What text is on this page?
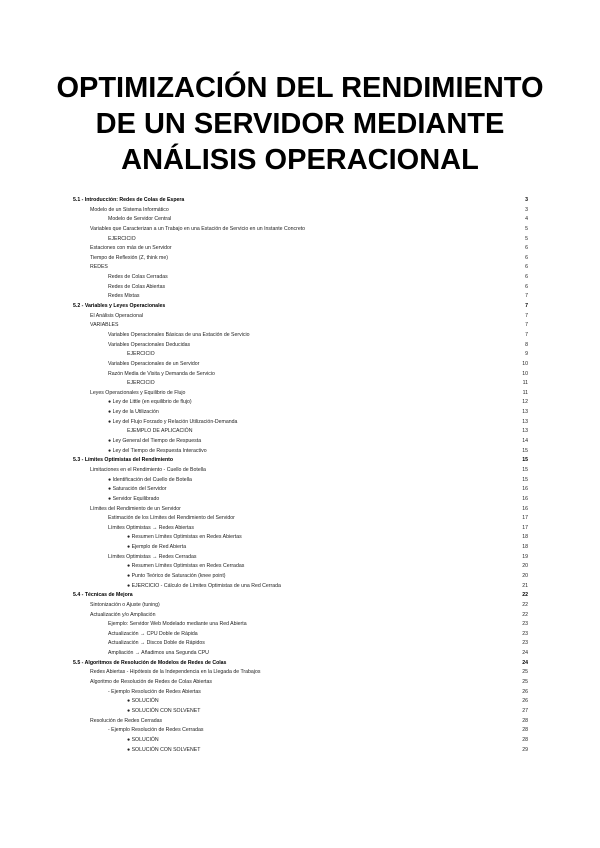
OPTIMIZACIÓN DEL RENDIMIENTO
DE UN SERVIDOR MEDIANTE
ANÁLISIS OPERACIONAL
5.1 - Introducción: Redes de Colas de Espera	3
Modelo de un Sistema Informático	3
Modelo de Servidor Central	4
Variables que Caracterizan a un Trabajo en una Estación de Servicio en un Instante Concreto	5
EJERCICIO	5
Estaciones con más de un Servidor	6
Tiempo de Reflexión (Z, think me)	6
REDES	6
Redes de Colas Cerradas	6
Redes de Colas Abiertas	6
Redes Mixtas	7
5.2 - Variables y Leyes Operacionales	7
El Análisis Operacional	7
VARIABLES	7
Variables Operacionales Básicas de una Estación de Servicio	7
Variables Operacionales Deducidas	8
EJERCICIO	9
Variables Operacionales de un Servidor	10
Razón Media de Visita y Demanda de Servicio	10
EJERCICIO	11
Leyes Operacionales y Equilibrio de Flujo	11
● Ley de Little (en equilibrio de flujo)	12
● Ley de la Utilización	13
● Ley del Flujo Forzado y Relación Utilización-Demanda	13
EJEMPLO DE APLICACIÓN	13
● Ley General del Tiempo de Respuesta	14
● Ley del Tiempo de Respuesta Interactivo	15
5.3 - Límites Optimistas del Rendimiento	15
Limitaciones en el Rendimiento - Cuello de Botella	15
● Identificación del Cuello de Botella	15
● Saturación del Servidor	16
● Servidor Equilibrado	16
Límites del Rendimiento de un Servidor	16
Estimación de los Límites del Rendimiento del Servidor	17
Límites Optimistas → Redes Abiertas	17
● Resumen Límites Optimistas en Redes Abiertas	18
● Ejemplo de Red Abierta	18
Límites Optimistas → Redes Cerradas	19
● Resumen Límites Optimistas en Redes Cerradas	20
● Punto Teórico de Saturación (knee point)	20
● EJERCICIO - Cálculo de Límites Optimistas de una Red Cerrada	21
5.4 - Técnicas de Mejora	22
Sintonización o Ajuste (tuning)	22
Actualización y/o Ampliación	22
Ejemplo: Servidor Web Modelado mediante una Red Abierta	23
Actualización → CPU Doble de Rápida	23
Actualización → Discos Doble de Rápidos	23
Ampliación → Añadimos una Segunda CPU	24
5.5 - Algoritmos de Resolución de Modelos de Redes de Colas	24
Redes Abiertas - Hipótesis de la Independencia en la Llegada de Trabajos	25
Algoritmo de Resolución de Redes de Colas Abiertas	25
- Ejemplo Resolución de Redes Abiertas	26
● SOLUCIÓN	26
● SOLUCIÓN CON SOLVENET	27
Resolución de Redes Cerradas	28
- Ejemplo Resolución de Redes Cerradas	28
● SOLUCIÓN	28
● SOLUCIÓN CON SOLVENET	29
